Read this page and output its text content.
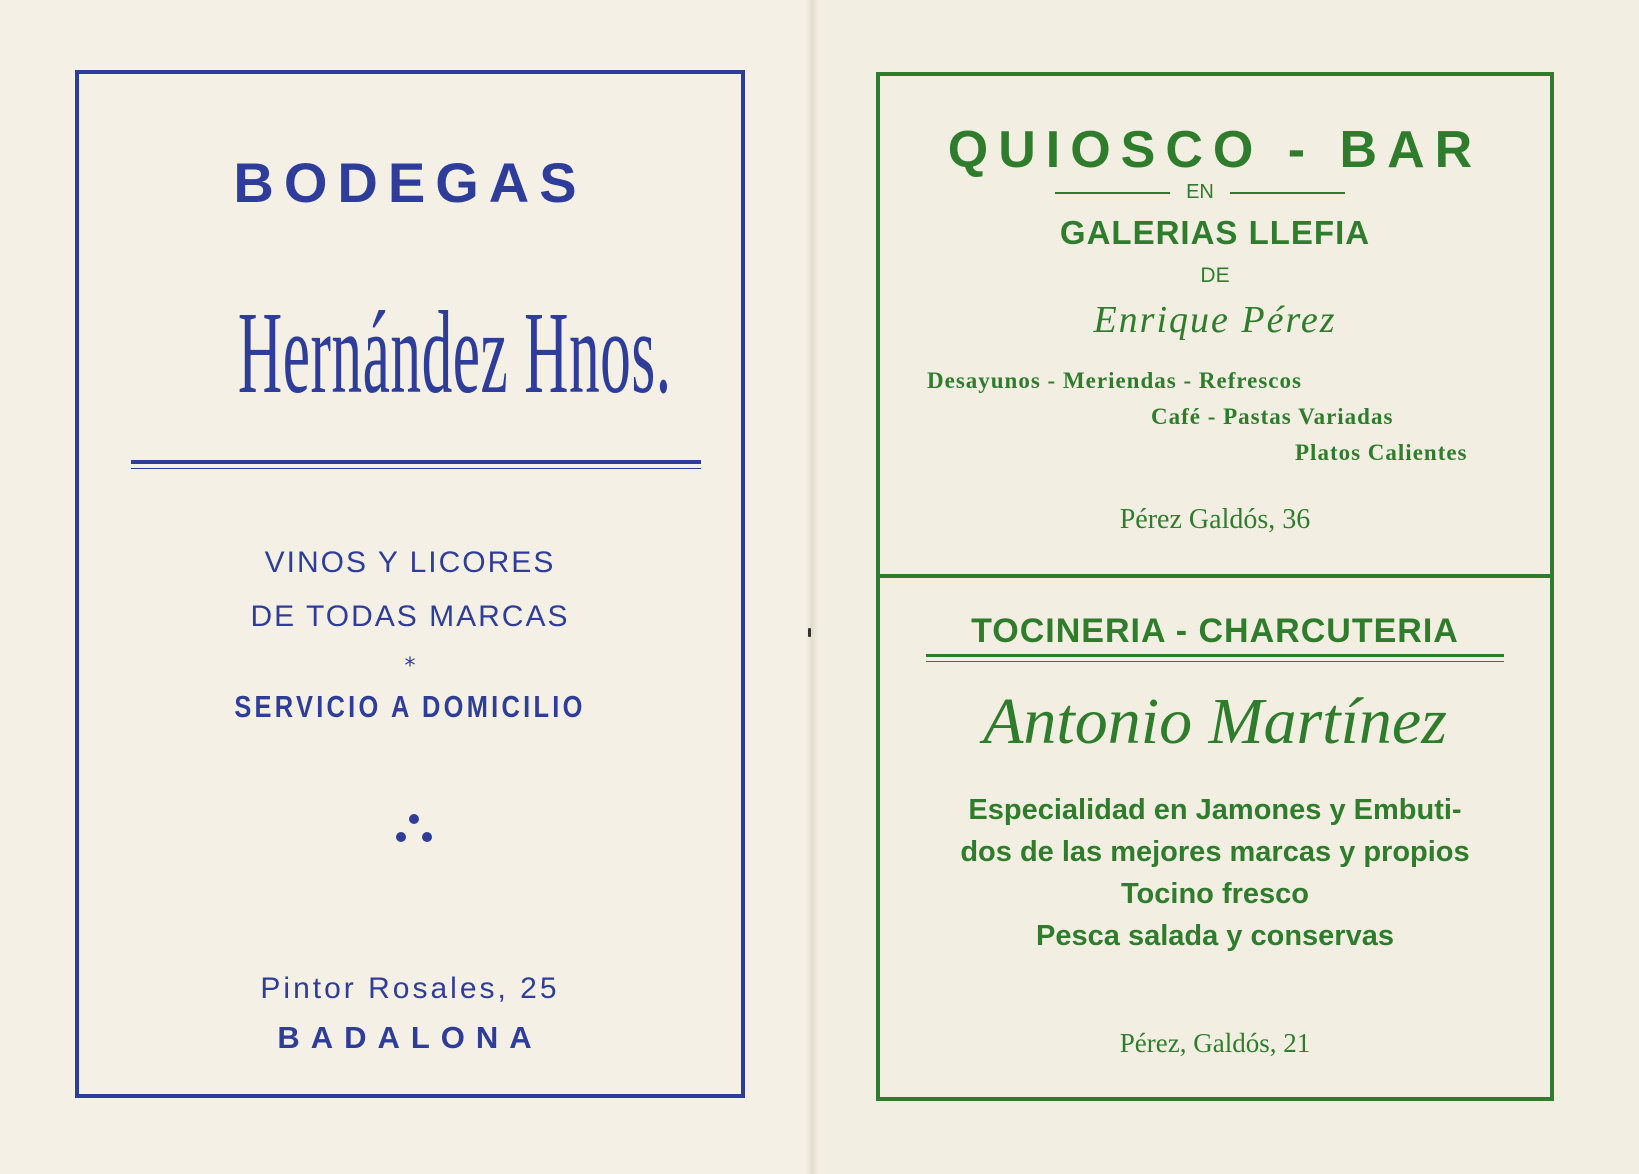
BODEGAS
Hernández Hnos.
VINOS Y LICORES
DE TODAS MARCAS
*
SERVICIO A DOMICILIO
Pintor Rosales, 25
BADALONA
QUIOSCO - BAR
EN
GALERIAS LLEFIA
DE
Enrique Pérez
Desayunos - Meriendas - Refrescos
Café - Pastas Variadas
Platos Calientes
Pérez Galdós, 36
TOCINERIA - CHARCUTERIA
Antonio Martínez
Especialidad en Jamones y Embuti-
dos de las mejores marcas y propios
Tocino fresco
Pesca salada y conservas
Pérez, Galdós, 21
